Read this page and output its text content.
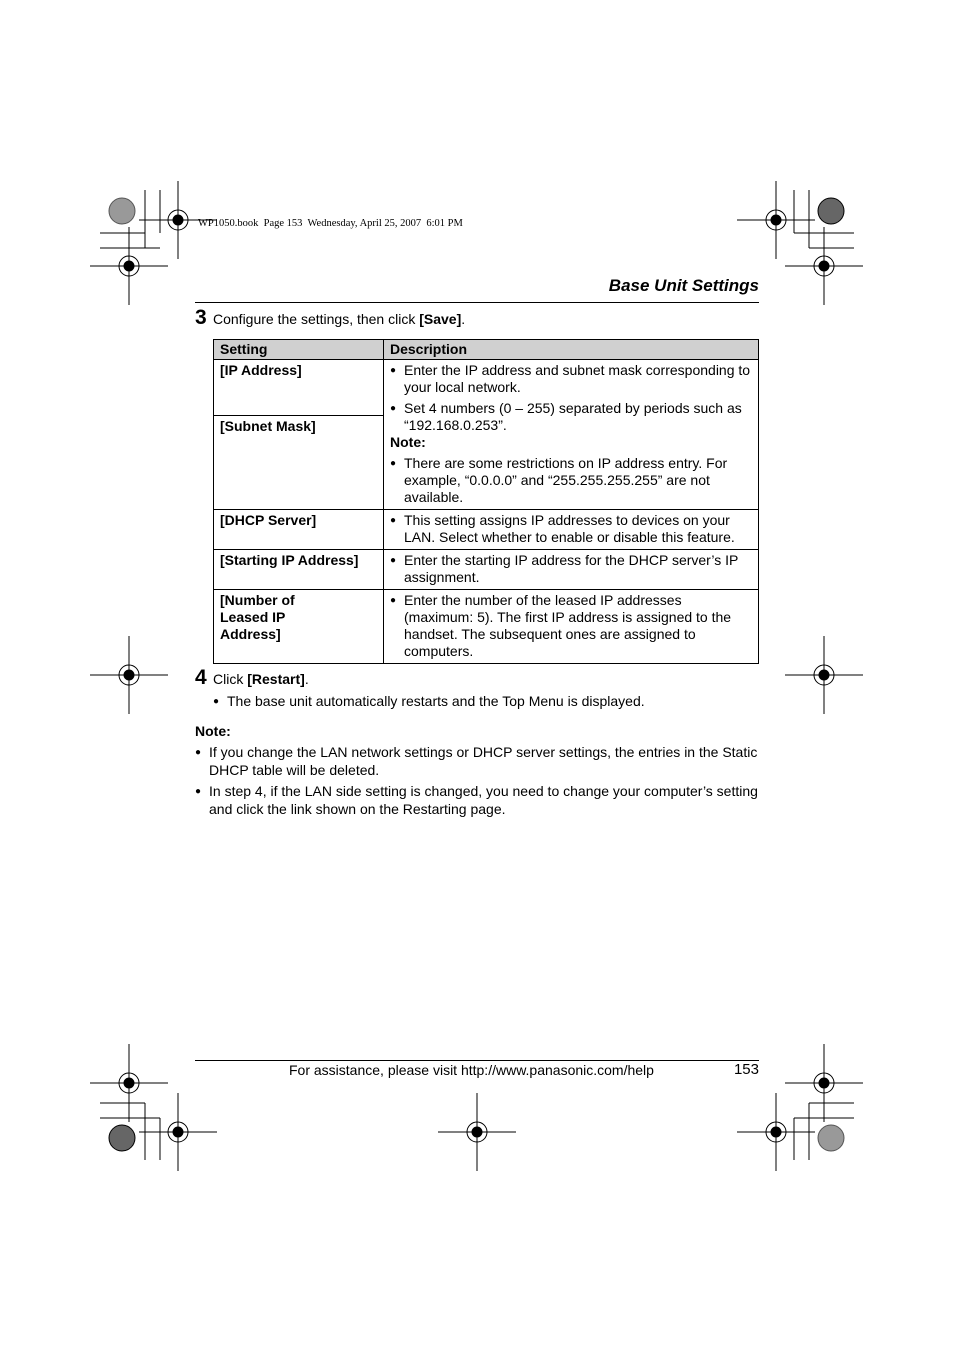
WP1050.book  Page 153  Wednesday, April 25, 2007  6:01 PM
Base Unit Settings
3 Configure the settings, then click [Save].
Setting	Description
[IP Address]	● Enter the IP address and subnet mask corresponding to your local network.
● Set 4 numbers (0 – 255) separated by periods such as “192.168.0.253”.
Note:
● There are some restrictions on IP address entry. For example, “0.0.0.0” and “255.255.255.255” are not available.

[Subnet Mask]	
[DHCP Server]	● This setting assigns IP addresses to devices on your LAN. Select whether to enable or disable this feature.

[Starting IP Address]	● Enter the starting IP address for the DHCP server’s IP assignment.

[Number of Leased IP Address]	● Enter the number of the leased IP addresses (maximum: 5). The first IP address is assigned to the handset. The subsequent ones are assigned to computers.
4 Click [Restart].
● The base unit automatically restarts and the Top Menu is displayed.
Note:
● If you change the LAN network settings or DHCP server settings, the entries in the Static DHCP table will be deleted.
● In step 4, if the LAN side setting is changed, you need to change your computer’s setting and click the link shown on the Restarting page.
For assistance, please visit http://www.panasonic.com/help	153
